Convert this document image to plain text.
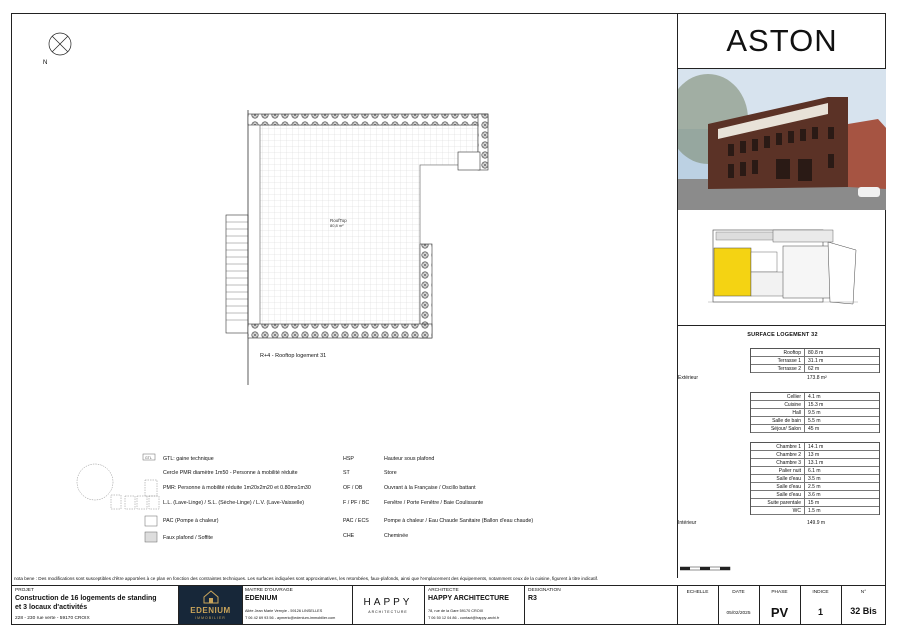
N
RoofTop
80,8 m²
R+4 - Rooftop logement 31
ASTON
SURFACE LOGEMENT 32
Rooftop	80.8 m
Terrasse 1	31.1 m
Terrasse 2	62 m
Extérieur	173.8 m²
Cellier	4.1 m
Cuisine	15.3 m
Hall	9.5 m
Salle de bain	5.5 m
Séjour/ Salon	45 m
Chambre 1	14.1 m
Chambre 2	13 m
Chambre 3	13.1 m
Palier nuit	6.1 m
Salle d'eau	3.5 m
Salle d'eau	2.5 m
Salle d'eau	3.6 m
Suite parentale	15 m
WC	1.5 m
Intérieur	149.9 m
GTL GTL: gaine technique
Cercle PMR diamètre 1m50 - Personne à mobilité réduite
PMR: Personne à mobilité réduite 1m20x2m20 et 0.80mx1m30
L.L. (Lave-Linge) / S.L. (Sèche-Linge) / L.V. (Lave-Vaisselle)
PAC (Pompe à chaleur)
Faux plafond / Soffite
HSP	Hauteur sous plafond
ST	Store
OF / OB	Ouvrant à la Française / Oscillo battant
F / PF / BC	Fenêtre / Porte Fenêtre / Baie Coulissante
PAC / ECS	Pompe à chaleur / Eau Chaude Sanitaire (Ballon d'eau chaude)
CHE	Cheminée
nota bene : Des modifications sont susceptibles d'être apportées à ce plan en fonction des contraintes techniques. Les surfaces indiquées sont approximatives, les retombées, faux-plafonds, ainsi que l'emplacement des équipements, notamment ceux de la cuisine, figurent à titre indicatif.
PROJET
Construction de 16 logements de standing
et 3 locaux d'activités
228 - 230 rue verte - 59170 CROIX
EDENIUM
IMMOBILIER
MAITRE D'OUVRAGE
EDENIUM
Allée Jean Marie Vernyie - 59126 LINSELLES
T 06 42 69 93 56 - aymeric@edenium-immobilier.com
HAPPY
ARCHITECTURE
ARCHITECTE
HAPPY ARCHITECTURE
78, rue de la Gare 59170 CROIX
T 06 50 12 04 86 - contact@happy-archi.fr
DESIGNATION
R3
ECHELLE	DATE
05/02/2025
PHASE
PV
INDICE
1
N°
32 Bis
